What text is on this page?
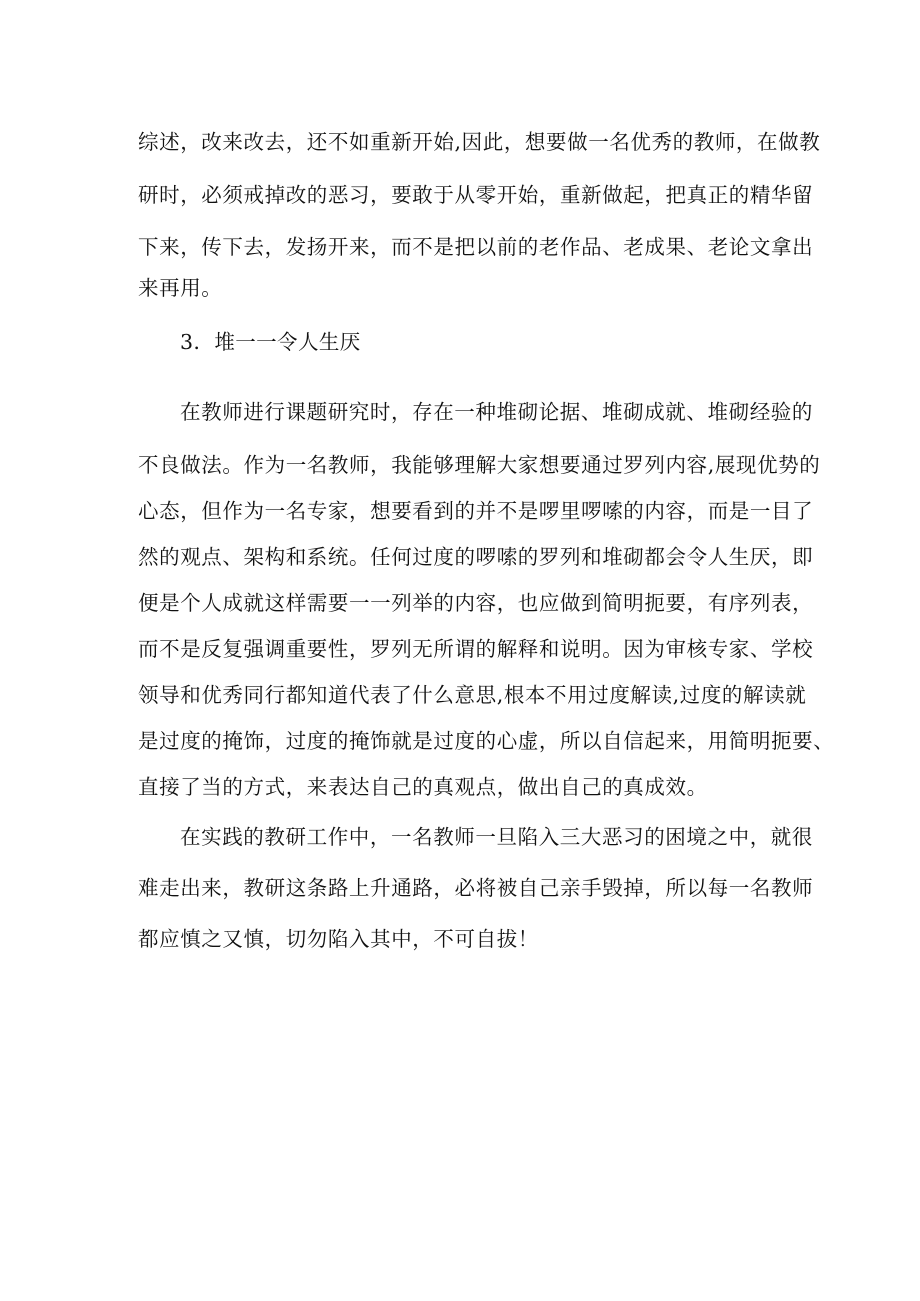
综述，改来改去，还不如重新开始,因此，想要做一名优秀的教师，在做教
研时，必须戒掉改的恶习，要敢于从零开始，重新做起，把真正的精华留
下来，传下去，发扬开来，而不是把以前的老作品、老成果、老论文拿出
来再用。
3．堆一一令人生厌
在教师进行课题研究时，存在一种堆砌论据、堆砌成就、堆砌经验的
不良做法。作为一名教师，我能够理解大家想要通过罗列内容,展现优势的
心态，但作为一名专家，想要看到的并不是啰里啰嗦的内容，而是一目了
然的观点、架构和系统。任何过度的啰嗦的罗列和堆砌都会令人生厌，即
便是个人成就这样需要一一列举的内容，也应做到简明扼要，有序列表，
而不是反复强调重要性，罗列无所谓的解释和说明。因为审核专家、学校
领导和优秀同行都知道代表了什么意思,根本不用过度解读,过度的解读就
是过度的掩饰，过度的掩饰就是过度的心虚，所以自信起来，用简明扼要、
直接了当的方式，来表达自己的真观点，做出自己的真成效。
在实践的教研工作中，一名教师一旦陷入三大恶习的困境之中，就很
难走出来，教研这条路上升通路，必将被自己亲手毁掉，所以每一名教师
都应慎之又慎，切勿陷入其中，不可自拔！
